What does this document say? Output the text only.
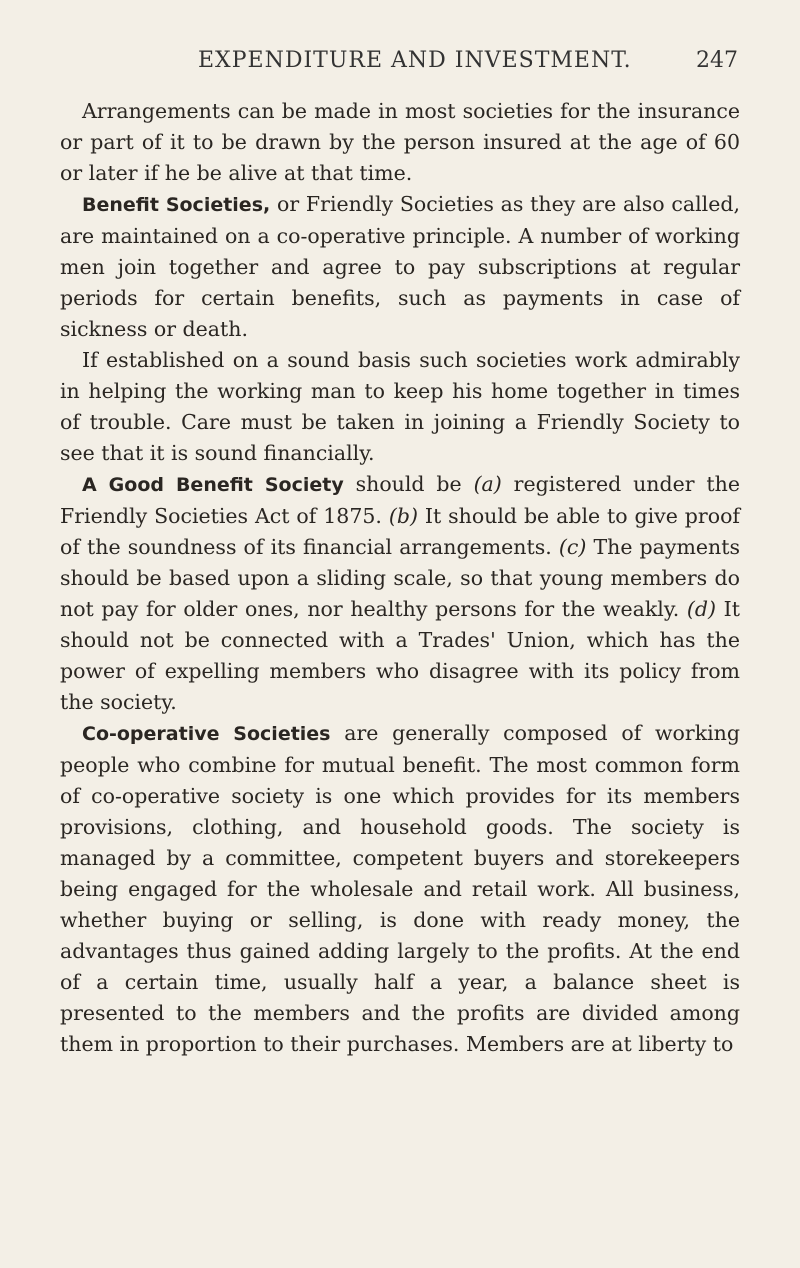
EXPENDITURE AND INVESTMENT.	247

Arrangements can be made in most societies for the insurance or part of it to be drawn by the person insured at the age of 60 or later if he be alive at that time.

Benefit Societies, or Friendly Societies as they are also called, are maintained on a co-operative principle. A number of working men join together and agree to pay subscriptions at regular periods for certain benefits, such as payments in case of sickness or death.

If established on a sound basis such societies work admirably in helping the working man to keep his home together in times of trouble. Care must be taken in joining a Friendly Society to see that it is sound financially.

A Good Benefit Society should be (a) registered under the Friendly Societies Act of 1875. (b) It should be able to give proof of the soundness of its financial arrangements. (c) The payments should be based upon a sliding scale, so that young members do not pay for older ones, nor healthy persons for the weakly. (d) It should not be connected with a Trades' Union, which has the power of expelling members who disagree with its policy from the society.

Co-operative Societies are generally composed of working people who combine for mutual benefit. The most common form of co-operative society is one which provides for its members provisions, clothing, and household goods. The society is managed by a committee, competent buyers and storekeepers being engaged for the wholesale and retail work. All business, whether buying or selling, is done with ready money, the advantages thus gained adding largely to the profits. At the end of a certain time, usually half a year, a balance sheet is presented to the members and the profits are divided among them in proportion to their purchases. Members are at liberty to
